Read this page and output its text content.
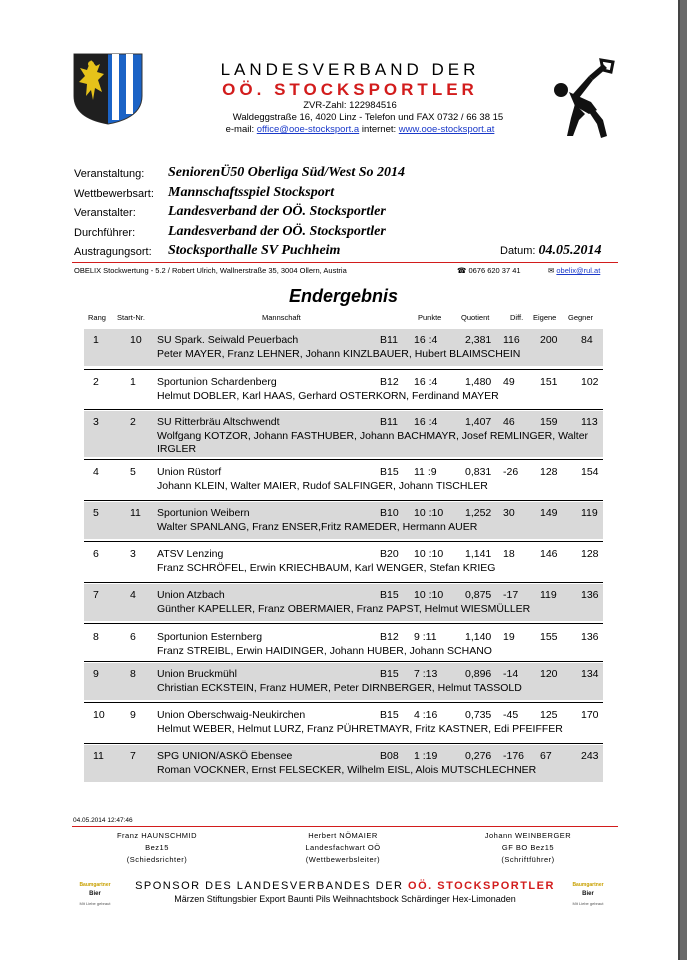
LANDESVERBAND DER
OÖ. STOCKSPORTLER
ZVR-Zahl: 122984516
Waldeggstraße 16, 4020 Linz - Telefon und FAX 0732 / 66 38 15
e-mail: office@ooe-stocksport.a internet: www.ooe-stocksport.at
Veranstaltung: SeniorenÜ50 Oberliga Süd/West So 2014
Wettbewerbsart: Mannschaftsspiel Stocksport
Veranstalter: Landesverband der OÖ. Stocksportler
Durchführer: Landesverband der OÖ. Stocksportler
Austragungsort: Stocksporthalle SV Puchheim	Datum: 04.05.2014
OBELIX Stockwertung - 5.2 / Robert Ulrich, Wallnerstraße 35, 3004 Ollern, Austria	☎ 0676 620 37 41	✉ obelix@rul.at
Endergebnis
Rang Start-Nr.	Mannschaft	Punkte	Quotient	Diff. Eigene Gegner
1	10 SU Spark. Seiwald Peuerbach	B11 16 :4	2,381 116 200 84
Peter MAYER, Franz LEHNER, Johann KINZLBAUER, Hubert BLAIMSCHEIN
2	1 Sportunion Schardenberg	B12 16 :4	1,480 49 151 102
Helmut DOBLER, Karl HAAS, Gerhard OSTERKORN, Ferdinand MAYER
3	2 SU Ritterbräu Altschwendt	B11 16 :4	1,407 46 159 113
Wolfgang KOTZOR, Johann FASTHUBER, Johann BACHMAYR, Josef REMLINGER, Walter IRGLER
4	5 Union Rüstorf	B15 11 :9	0,831 -26 128 154
Johann KLEIN, Walter MAIER, Rudof SALFINGER, Johann TISCHLER
5	11 Sportunion Weibern	B10 10 :10 1,252 30 149 119
Walter SPANLANG, Franz ENSER,Fritz RAMEDER, Hermann AUER
6	3 ATSV Lenzing	B20 10 :10 1,141 18 146 128
Franz SCHRÖFEL, Erwin KRIECHBAUM, Karl WENGER, Stefan KRIEG
7	4 Union Atzbach	B15 10 :10 0,875 -17 119 136
Günther KAPELLER, Franz OBERMAIER, Franz PAPST, Helmut WIESMÜLLER
8	6 Sportunion Esternberg	B12 9 :11	1,140 19 155 136
Franz STREIBL, Erwin HAIDINGER, Johann HUBER, Johann SCHANO
9	8 Union Bruckmühl	B15 7 :13	0,896 -14 120 134
Christian ECKSTEIN, Franz HUMER, Peter DIRNBERGER, Helmut TASSOLD
10 9 Union Oberschwaig-Neukirchen	B15 4 :16	0,735 -45 125 170
Helmut WEBER, Helmut LURZ, Franz PÜHRETMAYR, Fritz KASTNER, Edi PFEIFFER
11 7 SPG UNION/ASKÖ Ebensee	B08 1 :19	0,276 -176 67	243
Roman VOCKNER, Ernst FELSECKER, Wilhelm EISL, Alois MUTSCHLECHNER
04.05.2014 12:47:46
Franz HAUNSCHMID
Bez15
(Schiedsrichter)
Herbert NÖMAIER
Landesfachwart OÖ
(Wettbewerbsleiter)
Johann WEINBERGER
GF BO Bez15
(Schriftführer)
Baumgartner
Bier
Mit Liebe gebraut
SPONSOR DES LANDESVERBANDES DER OÖ. STOCKSPORTLER
Märzen Stiftungsbier Export Baunti Pils Weihnachtsbock Schärdinger Hex-Limonaden
Baumgartner
Bier
Mit Liebe gebraut
